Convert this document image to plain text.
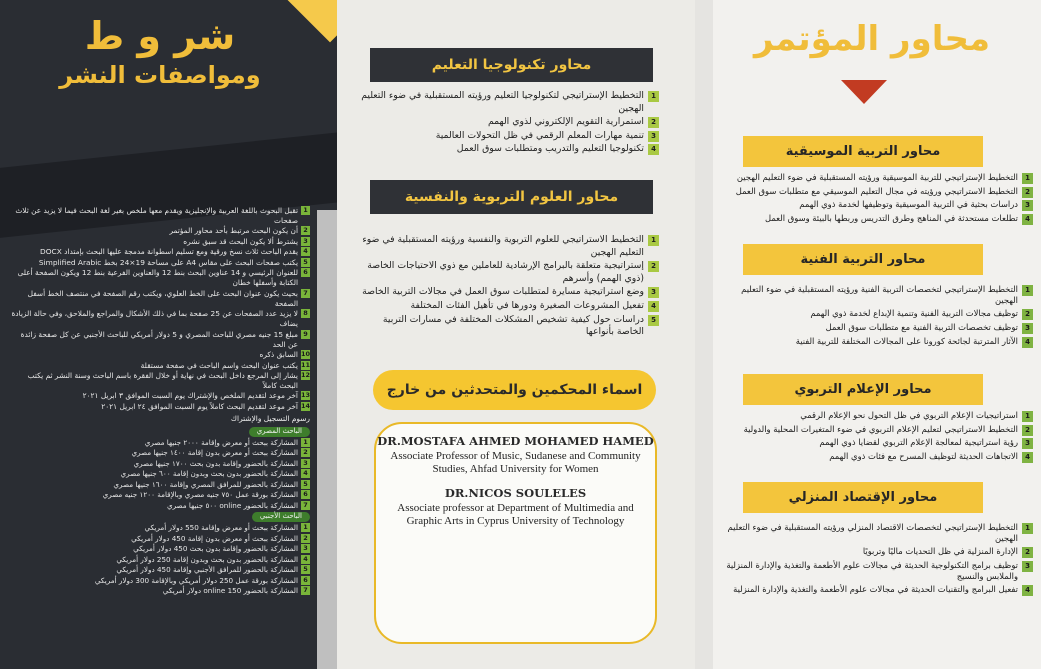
شر و ط
ومواصفات النشر
1
تقبل البحوث باللغة العربية والإنجليزية ويقدم معها ملخص بغير لغة البحث فيما لا يزيد عن ثلاث صفحات
2
أن يكون البحث مرتبط بأحد محاور المؤتمر
3
يشترط ألا يكون البحث قد سبق نشره
4
يقدم الباحث ثلاث نسخ ورقية ومع تسليم اسطوانة مدمجة عليها البحث بإمتداد DOCX
5
يكتب صفحات البحث على مقاس A4 على مساحة 19×24 بخط Simplified Arabic
6
للعنوان الرئيسي و 14 عناوين البحث بنط 12 والعناوين الفرعية بنط 12 ويكون الصفحة أعلى الكتابة وأسفلها خطان
7
بحيث يكون عنوان البحث على الخط العلوي، ويكتب رقم الصفحة في منتصف الخط أسفل الصفحة
8
لا يزيد عدد الصفحات عن 25 صفحة بما في ذلك الأشكال والمراجع والملاحق، وفي حالة الزيادة يضاف
9
مبلغ 15 جنيه مصري للباحث المصري و 5 دولار أمريكي للباحث الأجنبي عن كل صفحة زائدة عن الحد
10
السابق ذكره
11
يكتب عنوان البحث واسم الباحث في صفحة مستقلة
12
يشار إلى المرجع داخل البحث في نهاية أو خلال الفقرة باسم الباحث وسنة النشر ثم يكتب البحث كاملاً
13
آخر موعد لتقديم الملخص والإشتراك يوم السبت الموافق ٣ ابريل ٢٠٢١
14
آخر موعد لتقديم البحث كاملاً يوم السبت الموافق ٢٤ ابريل ٢٠٢١
رسوم التسجيل والإشتراك
الباحث المصري
1
المشاركة ببحث أو معرض وإقامة ٢٠٠٠ جنيها مصري
2
المشاركة ببحث أو معرض بدون إقامة ١٤٠٠ جنيها مصري
3
المشاركة بالحضور وإقامة بدون بحث ١٧٠٠ جنيها مصري
4
المشاركة بالحضور بدون بحث وبدون إقامة ٦٠٠ جنيها مصري
5
المشاركة بالحضور للمرافق المصري وإقامة ١٦٠٠ جنيها مصري
6
المشاركة بورقة عمل ٧٥٠ جنيه مصري وبالإقامة ١٢٠٠ جنيه مصري
7
المشاركة بالحضور online ٥٠٠ جنيها مصري
الباحث الأجنبي
1
المشاركة ببحث أو معرض وإقامة 550 دولار أمريكي
2
المشاركة ببحث أو معرض بدون إقامة 450 دولار أمريكي
3
المشاركة بالحضور وإقامة بدون بحث 450 دولار أمريكي
4
المشاركة بالحضور بدون بحث وبدون إقامة 250 دولار أمريكي
5
المشاركة بالحضور للمرافق الأجنبي وإقامة 450 دولار أمريكي
6
المشاركة بورقة عمل 250 دولار أمريكي وبالإقامة 300 دولار أمريكي
7
المشاركة بالحضور online 150 دولار أمريكي
محاور تكنولوجيا التعليم
1
التخطيط الإستراتيجي لتكنولوجيا التعليم ورؤيته المستقبلية في ضوء التعليم الهجين
2
استمرارية التقويم الإلكتروني لذوي الهمم
3
تنمية مهارات المعلم الرقمي في ظل التحولات العالمية
4
تكنولوجيا التعليم والتدريب ومتطلبات سوق العمل
محاور العلوم التربوية والنفسية
1
التخطيط الاستراتيجي للعلوم التربوية والنفسية ورؤيته المستقبلية في ضوء التعليم الهجين
2
إستراتيجية متعلقة بالبرامج الإرشادية للعاملين مع ذوي الاحتياجات الخاصة (ذوي الهمم) وأسرهم
3
وضع استراتيجية مسايرة لمتطلبات سوق العمل في مجالات التربية الخاصة
4
تفعيل المشروعات الصغيرة ودورها في تأهيل الفئات المختلفة
5
دراسات حول كيفية تشخيص المشكلات المختلفة في مسارات التربية الخاصة بأنواعها
اسماء المحكمين والمتحدثين من خارج
DR.MOSTAFA AHMED MOHAMED HAMED
Associate Professor of Music, Sudanese and Community Studies, Ahfad University for Women
DR.NICOS SOULELES
Associate professor at Department of Multimedia and Graphic Arts in Cyprus University of Technology
محاور المؤتمر
محاور التربية الموسيقية
1
التخطيط الإستراتيجي للتربية الموسيقية ورؤيته المستقبلية في ضوء التعليم الهجين
2
التخطيط الاستراتيجي ورؤيته في مجال التعليم الموسيقي مع متطلبات سوق العمل
3
دراسات بحثية في التربية الموسيقية وتوظيفها لخدمة ذوي الهمم
4
تطلعات مستحدثة في المناهج وطرق التدريس وربطها بالبيئة وسوق العمل
محاور التربية الفنية
1
التخطيط الإستراتيجي لتخصصات التربية الفنية ورؤيته المستقبلية في ضوء التعليم الهجين
2
توظيف مجالات التربية الفنية وتنمية الإبداع لخدمة ذوي الهمم
3
توظيف تخصصات التربية الفنية مع متطلبات سوق العمل
4
الآثار المترتبة لجائحة كورونا على المجالات المختلفة للتربية الفنية
محاور الإعلام التربوي
1
استراتيجيات الإعلام التربوي في ظل التحول نحو الإعلام الرقمي
2
التخطيط الاستراتيجي لتعليم الإعلام التربوي في ضوء المتغيرات المحلية والدولية
3
رؤية استراتيجية لمعالجة الإعلام التربوي لقضايا ذوي الهمم
4
الاتجاهات الحديثة لتوظيف المسرح مع فئات ذوي الهمم
محاور الإقتصاد المنزلي
1
التخطيط الإستراتيجي لتخصصات الاقتصاد المنزلي ورؤيته المستقبلية في ضوء التعليم الهجين
2
الإدارة المنزلية في ظل التحديات ماليًا وتربويًا
3
توظيف برامج التكنولوجية الحديثة في مجالات علوم الأطعمة والتغذية والإدارة المنزلية والملابس والنسيج
4
تفعيل البرامج والتقنيات الحديثة في مجالات علوم الأطعمة والتغذية والإدارة المنزلية
